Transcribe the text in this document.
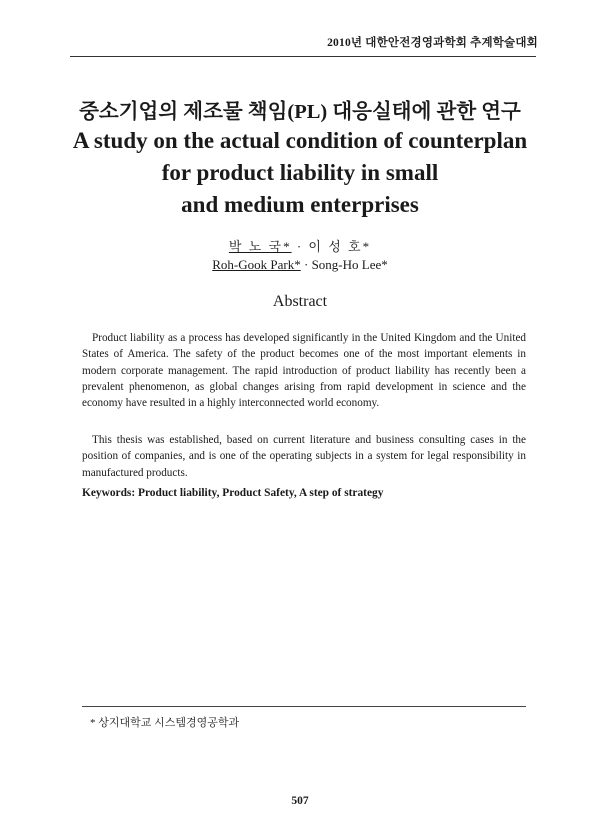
2010년 대한안전경영과학회 추계학술대회
중소기업의 제조물 책임(PL) 대응실태에 관한 연구
A study on the actual condition of counterplan
for product liability in small
and medium enterprises
박 노 국* · 이 성 호*
Roh-Gook Park* · Song-Ho Lee*
Abstract

Product liability as a process has developed significantly in the United Kingdom and the United States of America. The safety of the product becomes one of the most important elements in modern corporate management. The rapid introduction of product liability has recently been a prevalent phenomenon, as global changes arising from rapid development in science and the economy have resulted in a highly interconnected world economy.

This thesis was established, based on current literature and business consulting cases in the position of companies, and is one of the operating subjects in a system for legal responsibility in manufactured products.

Keywords: Product liability, Product Safety, A step of strategy

* 상지대학교 시스템경영공학과
507
